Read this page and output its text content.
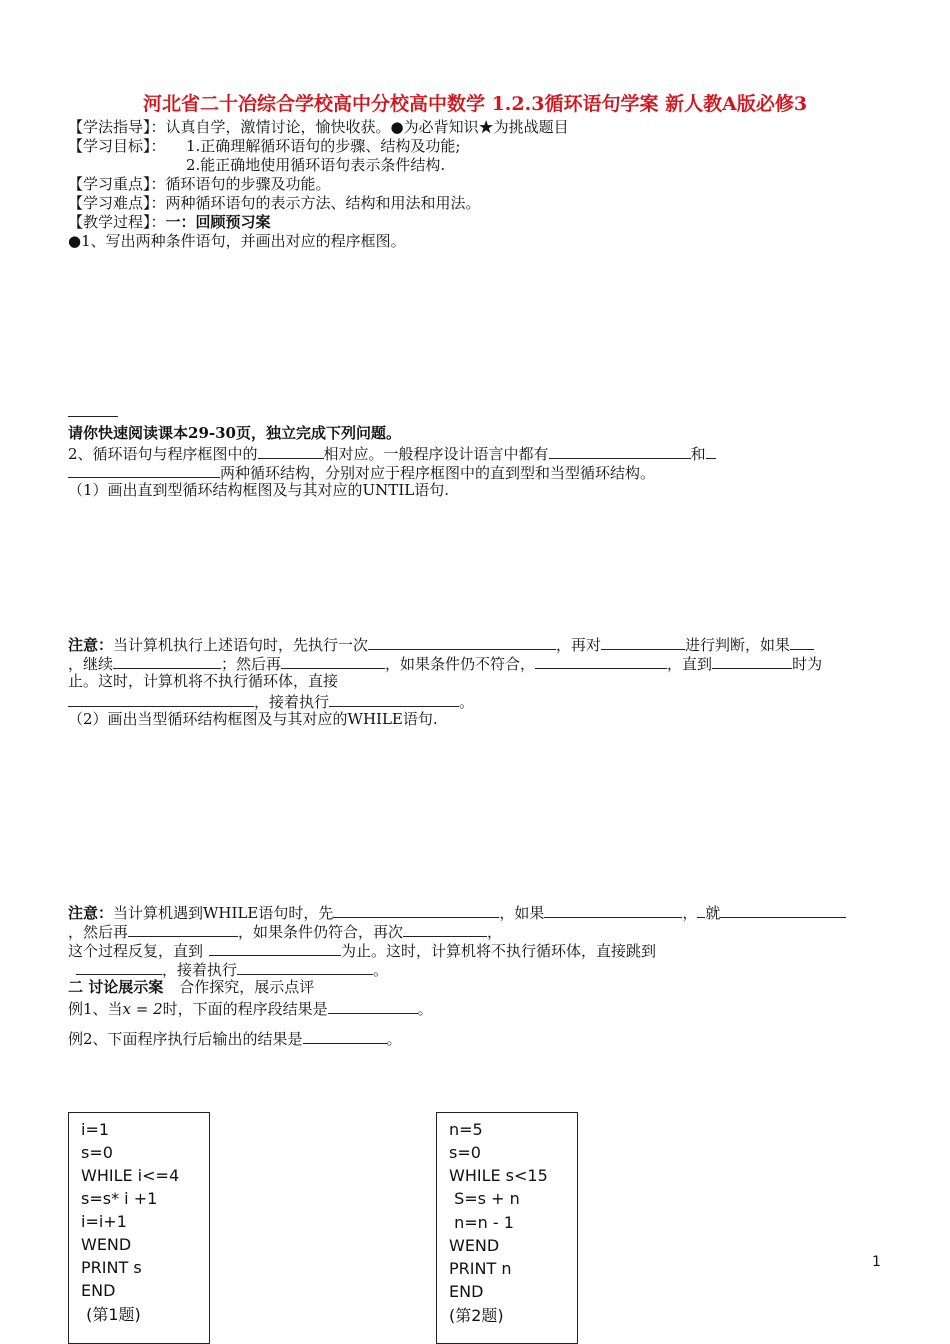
河北省二十冶综合学校高中分校高中数学 1.2.3循环语句学案 新人教A版必修3
【学法指导】：认真自学，激情讨论，愉快收获。●为必背知识★为挑战题目
【学习目标】： 1.正确理解循环语句的步骤、结构及功能;
2.能正确地使用循环语句表示条件结构.
【学习重点】：循环语句的步骤及功能。
【学习难点】：两种循环语句的表示方法、结构和用法和用法。
【教学过程】：一：回顾预习案
●1、写出两种条件语句，并画出对应的程序框图。
请你快速阅读课本29-30页，独立完成下列问题。
2、循环语句与程序框图中的	相对应。一般程序设计语言中都有	和
两种循环结构，分别对应于程序框图中的直到型和当型循环结构。
（1）画出直到型循环结构框图及与其对应的UNTIL语句.
注意：当计算机执行上述语句时，先执行一次	，再对	进行判断，如果
，继续	；然后再	，如果条件仍不符合，	，直到	时为
止。这时，计算机将不执行循环体，直接
，接着执行	。
（2）画出当型循环结构框图及与其对应的WHILE语句.
注意：当计算机遇到WHILE语句时，先	，如果	， 就
，然后再	，如果条件仍符合，再次	，
这个过程反复，直到	为止。这时，计算机将不执行循环体，直接跳到
，接着执行	。
二 讨论展示案 合作探究，展示点评
例1、当x = 2时，下面的程序段结果是	。
例2、下面程序执行后输出的结果是	。
i=1
s=0
WHILE i<=4
s=s* i +1
i=i+1
WEND
PRINT s
END
(第1题)
n=5
s=0
WHILE s<15
S=s + n
n=n - 1
WEND
PRINT n
END
(第2题)
1
